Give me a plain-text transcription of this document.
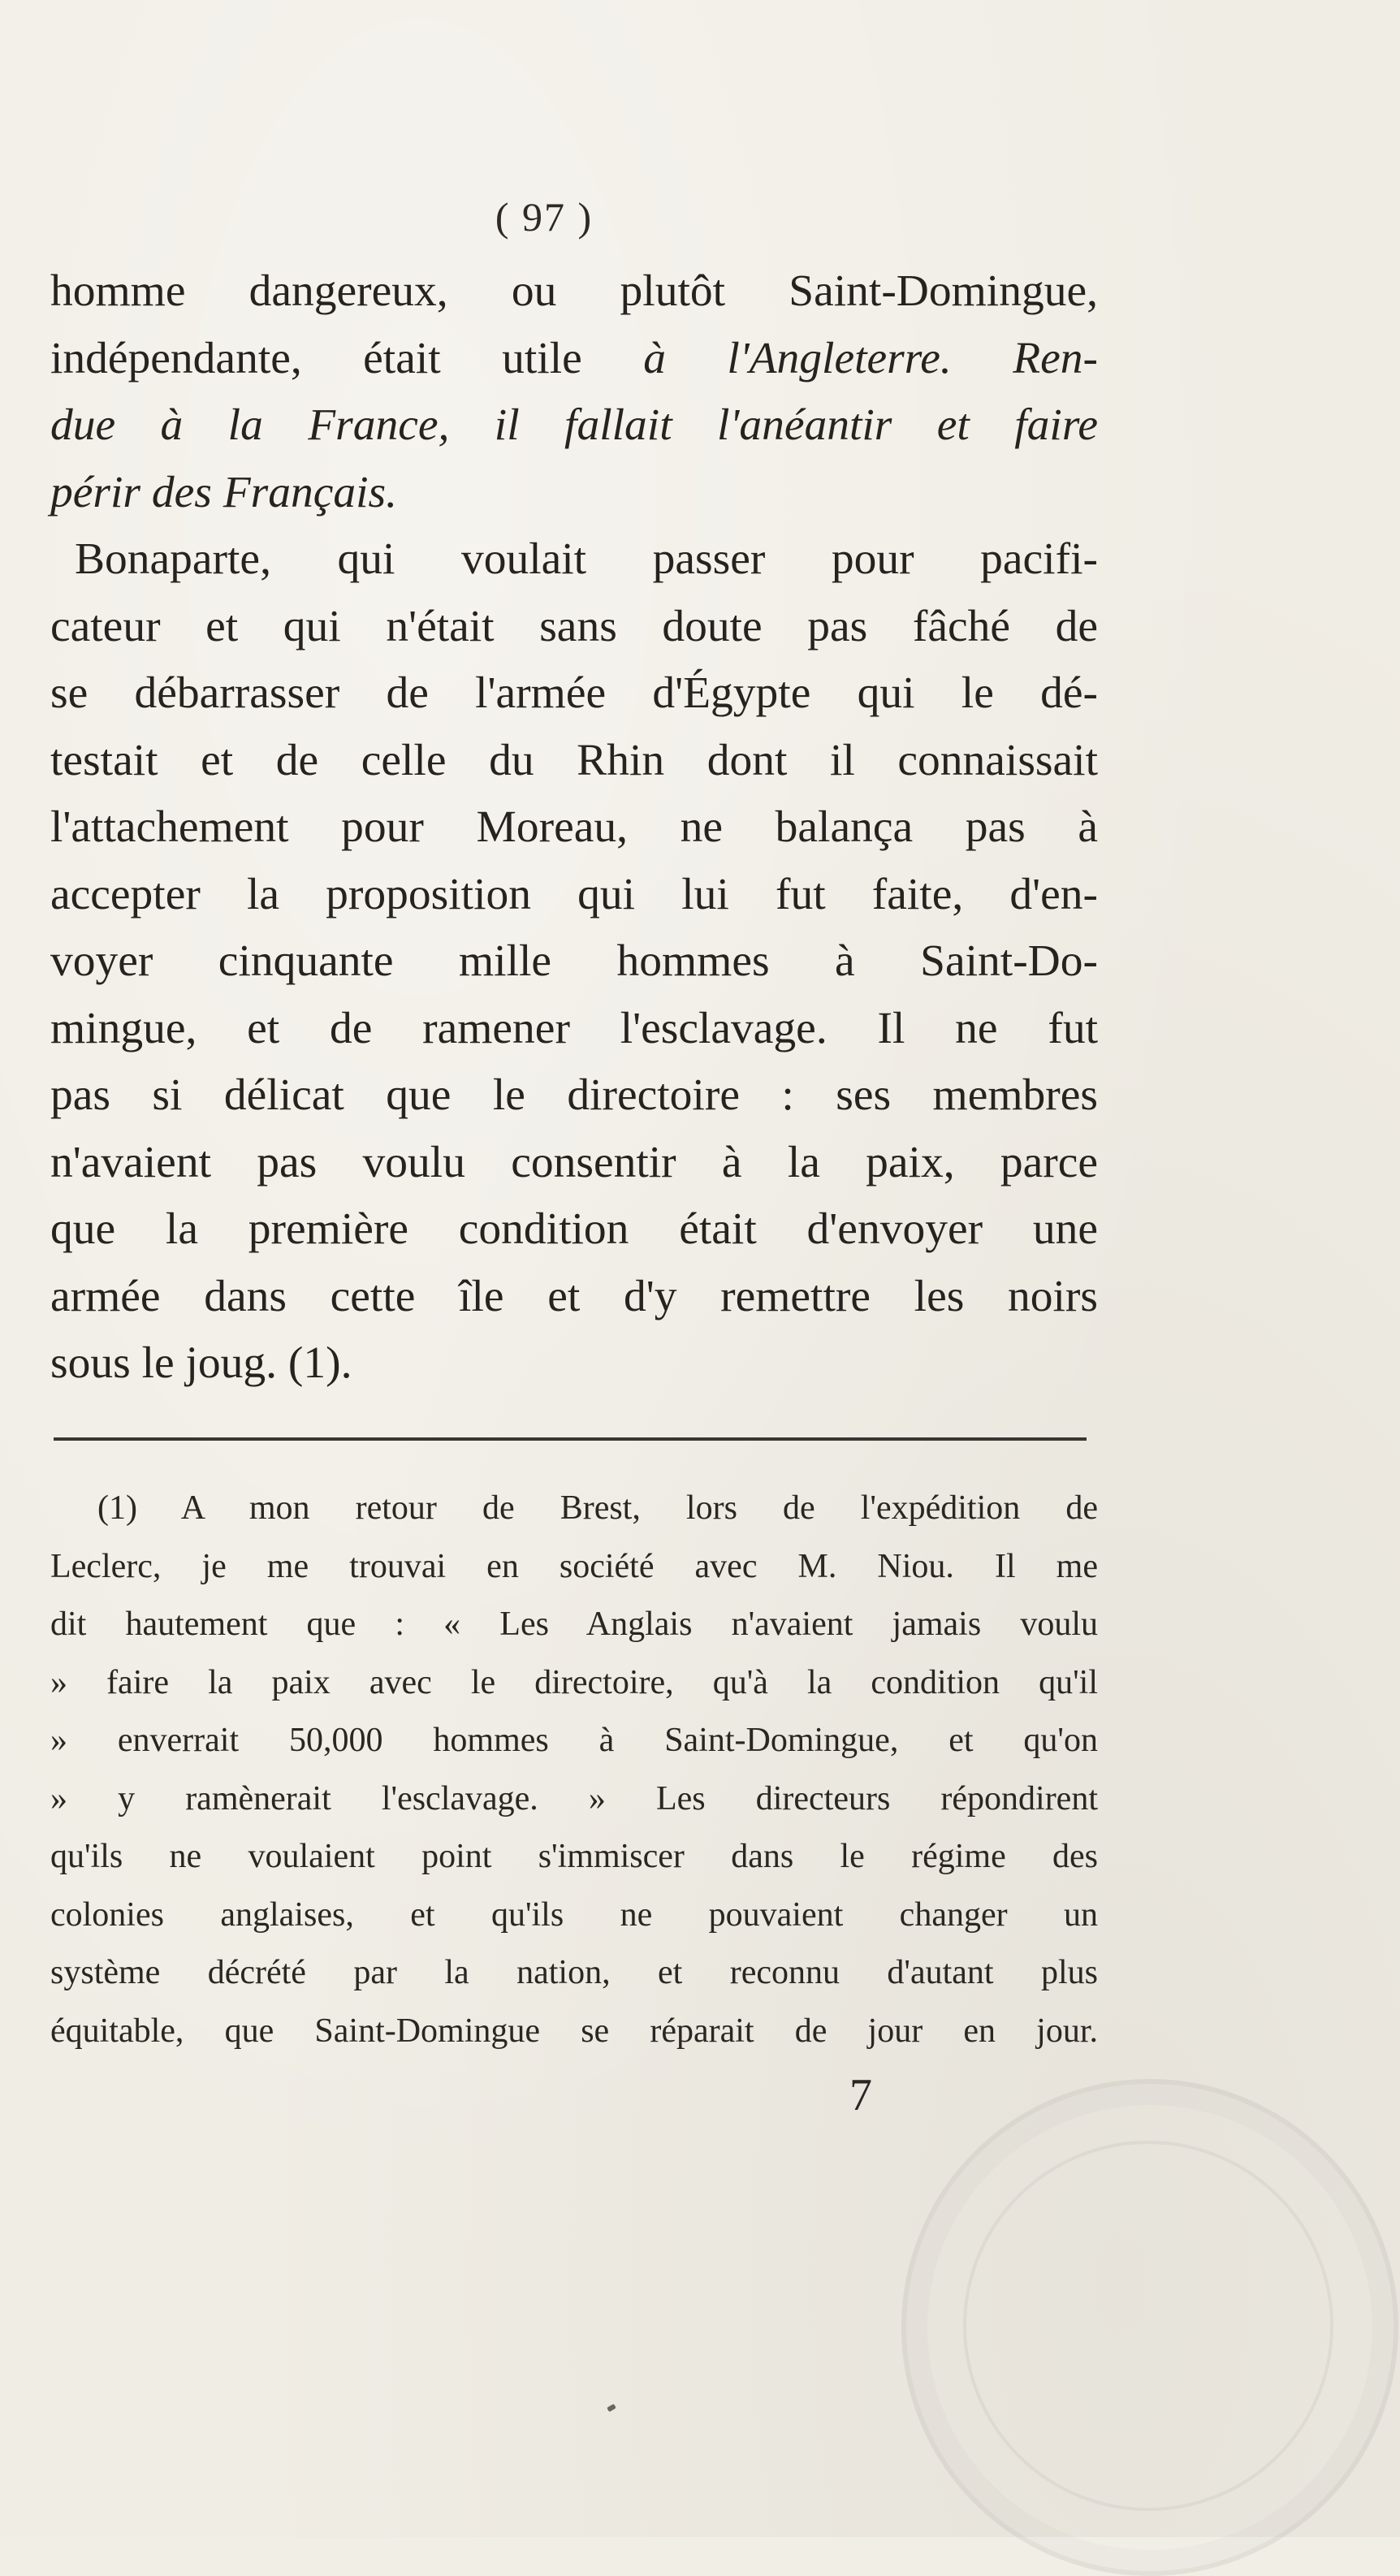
( 97 )
homme dangereux, ou plutôt Saint-Domingue,
indépendante, était utile à l'Angleterre. Ren-
due à la France, il fallait l'anéantir et faire
périr des Français.
Bonaparte, qui voulait passer pour pacifi-
cateur et qui n'était sans doute pas fâché de
se débarrasser de l'armée d'Égypte qui le dé-
testait et de celle du Rhin dont il connaissait
l'attachement pour Moreau, ne balança pas à
accepter la proposition qui lui fut faite, d'en-
voyer cinquante mille hommes à Saint-Do-
mingue, et de ramener l'esclavage. Il ne fut
pas si délicat que le directoire : ses membres
n'avaient pas voulu consentir à la paix, parce
que la première condition était d'envoyer une
armée dans cette île et d'y remettre les noirs
sous le joug. (1).
(1) A mon retour de Brest, lors de l'expédition de
Leclerc, je me trouvai en société avec M. Niou. Il me
dit hautement que : « Les Anglais n'avaient jamais voulu
» faire la paix avec le directoire, qu'à la condition qu'il
» enverrait 50,000 hommes à Saint-Domingue, et qu'on
» y ramènerait l'esclavage. » Les directeurs répondirent
qu'ils ne voulaient point s'immiscer dans le régime des
colonies anglaises, et qu'ils ne pouvaient changer un
système décrété par la nation, et reconnu d'autant plus
équitable, que Saint-Domingue se réparait de jour en jour.
7
